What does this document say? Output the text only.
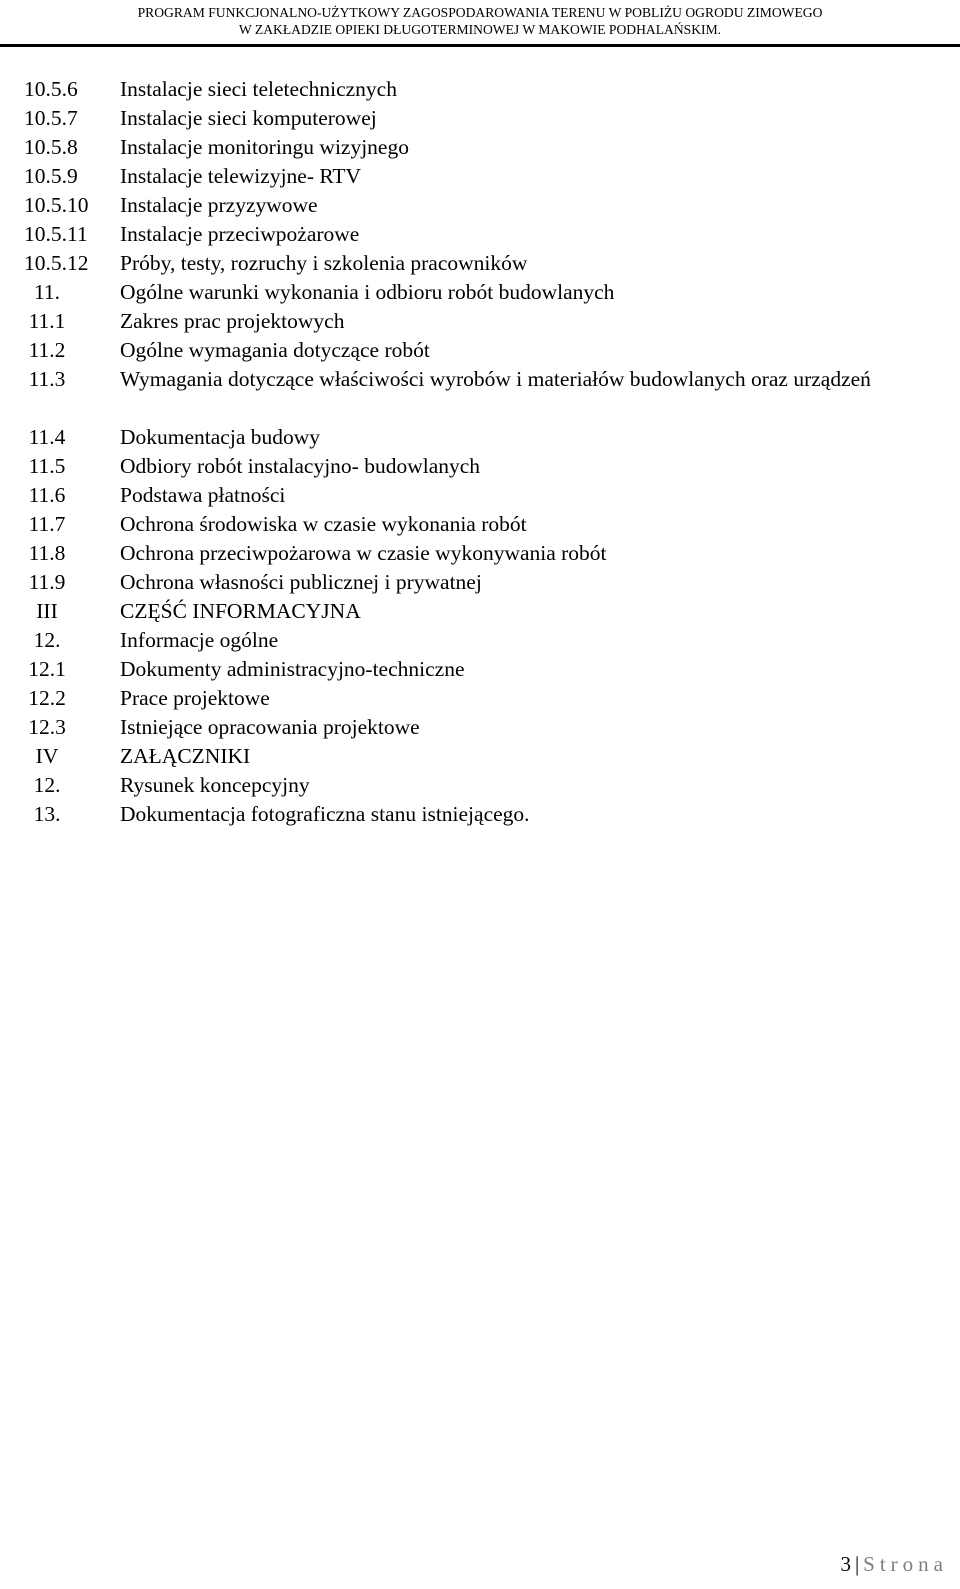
PROGRAM FUNKCJONALNO-UŻYTKOWY ZAGOSPODAROWANIA TERENU W POBLIŻU OGRODU ZIMOWEGO
W ZAKŁADZIE OPIEKI DŁUGOTERMINOWEJ W MAKOWIE PODHALAŃSKIM.
10.5.6	Instalacje sieci teletechnicznych
10.5.7	Instalacje sieci komputerowej
10.5.8	Instalacje monitoringu wizyjnego
10.5.9	Instalacje telewizyjne- RTV
10.5.10	Instalacje przyzywowe
10.5.11	Instalacje przeciwpożarowe
10.5.12	Próby, testy, rozruchy i szkolenia pracowników
11.	Ogólne warunki wykonania i odbioru robót budowlanych
11.1	Zakres prac projektowych
11.2	Ogólne wymagania dotyczące robót
11.3	Wymagania dotyczące właściwości wyrobów i materiałów budowlanych oraz urządzeń
11.4	Dokumentacja budowy
11.5	Odbiory robót instalacyjno- budowlanych
11.6	Podstawa płatności
11.7	Ochrona środowiska w czasie wykonania robót
11.8	Ochrona przeciwpożarowa w czasie wykonywania robót
11.9	Ochrona własności publicznej i prywatnej
III	CZĘŚĆ INFORMACYJNA
12.	Informacje ogólne
12.1	Dokumenty administracyjno-techniczne
12.2	Prace projektowe
12.3	Istniejące opracowania projektowe
IV	ZAŁĄCZNIKI
12.	Rysunek koncepcyjny
13.	Dokumentacja fotograficzna stanu istniejącego.
3 | Strona
